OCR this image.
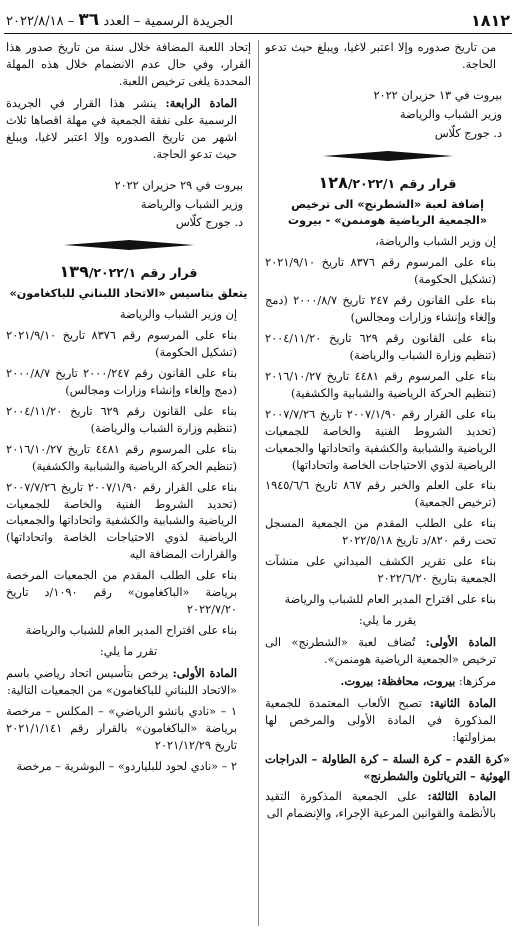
١٨١٢
الجريدة الرسمية – العدد ٣٦ – ٢٠٢٢/٨/١٨

من تاريخ صدوره وإلا اعتبر لاغيا، ويبلغ حيث تدعو الحاجة.

بيروت في ١٣ حزيران ٢٠٢٢

وزير الشباب والرياضة

د. جورج كلّاس

قرار رقم ١٢٨/٢٠٢٢/١
إضافة لعبة «الشطرنج» الى ترخيص «الجمعية الرياضية هومنمن» - بيروت

إن وزير الشباب والرياضة،

بناء على المرسوم رقم ٨٣٧٦ تاريخ ٢٠٢١/٩/١٠ (تشكيل الحكومة)

بناء على القانون رقم ٢٤٧ تاريخ ٢٠٠٠/٨/٧ (دمج وإلغاء وإنشاء وزارات ومجالس)

بناء على القانون رقم ٦٢٩ تاريخ ٢٠٠٤/١١/٢٠ (تنظيم وزارة الشباب والرياضة)

بناء على المرسوم رقم ٤٤٨١ تاريخ ٢٠١٦/١٠/٢٧ (تنظيم الحركة الرياضية والشبابية والكشفية)

بناء على القرار رقم ٢٠٠٧/١/٩٠ تاريخ ٢٠٠٧/٧/٢٦ (تحديد الشروط الفنية والخاصة للجمعيات الرياضية والشبابية والكشفية واتحاداتها والجمعيات الرياضية لذوي الاحتياجات الخاصة واتحاداتها)

بناء على العلم والخبر رقم ٨٦٧ تاريخ ١٩٤٥/٦/٦ (ترخيص الجمعية)

بناء على الطلب المقدم من الجمعية المسجل تحت رقم ٨٢٠/د تاريخ ٢٠٢٢/٥/١٨

بناء على تقرير الكشف الميداني على منشآت الجمعية بتاريخ ٢٠٢٢/٦/٢٠

بناء على اقتراح المدير العام للشباب والرياضة

يقرر ما يلي:

المادة الأولى: تُضاف لعبة «الشطرنج» الى ترخيص «الجمعية الرياضية هومنمن».

مركزها: بيروت، محافظة: بيروت.

المادة الثانية: تصبح الألعاب المعتمدة للجمعية المذكورة في المادة الأولى والمرخص لها بمزاولتها:

«كرة القدم – كرة السلة – كرة الطاولة – الدراجات الهوئية – الترياتلون والشطرنج»

المادة الثالثة: على الجمعية المذكورة التقيد بالأنظمة والقوانين المرعية الإجراء، والإنضمام الى

إتحاد اللعبة المضافة خلال سنة من تاريخ صدور هذا القرار، وفي حال عدم الانضمام خلال هذه المهلة المحددة يلغى ترخيص اللعبة.

المادة الرابعة: ينشر هذا القرار في الجريدة الرسمية على نفقة الجمعية في مهلة اقصاها ثلاث اشهر من تاريخ الصدوره وإلا اعتبر لاغيا، ويبلغ حيث تدعو الحاجة.

بيروت في ٢٩ حزيران ٢٠٢٢

وزير الشباب والرياضة

د. جورج كلّاس

قرار رقم ١٣٩/٢٠٢٢/١
يتعلق بتاسيس «الاتحاد اللبناني للباكغامون»

إن وزير الشباب والرياضة

بناء على المرسوم رقم ٨٣٧٦ تاريخ ٢٠٢١/٩/١٠ (تشكيل الحكومة)

بناء على القانون رقم ٢٠٠٠/٢٤٧ تاريخ ٢٠٠٠/٨/٧ (دمج وإلغاء وإنشاء وزارات ومجالس)

بناء على القانون رقم ٦٢٩ تاريخ ٢٠٠٤/١١/٢٠ (تنظيم وزارة الشباب والرياضة)

بناء على المرسوم رقم ٤٤٨١ تاريخ ٢٠١٦/١٠/٢٧ (تنظيم الحركة الرياضية والشبابية والكشفية)

بناء على القرار رقم ٢٠٠٧/١/٩٠ تاريخ ٢٠٠٧/٧/٢٦ (تحديد الشروط الفنية والخاصة للجمعيات الرياضية والشبابية والكشفية واتحاداتها والجمعيات الرياضية لذوي الاحتياجات الخاصة واتحاداتها) والقرارات المضافة اليه

بناء على الطلب المقدم من الجمعيات المرخصة برياضة «الباكغامون» رقم ١٠٩٠/د تاريخ ٢٠٢٢/٧/٢٠

بناء على اقتراح المدير العام للشباب والرياضة

تقرر ما يلي:

المادة الأولى: يرخص بتأسيس اتحاد رياضي باسم «الاتحاد اللبناني للباكغامون» من الجمعيات التالية:

١ – «نادي بانشو الرياضي» – المكلس – مرخصة برياضة «الباكغامون» بالقرار رقم ٢٠٢١/١/١٤١ تاريخ ٢٠٢١/١٢/٢٩

٢ – «نادي لحود للبلياردو» – البوشرية – مرخصة
